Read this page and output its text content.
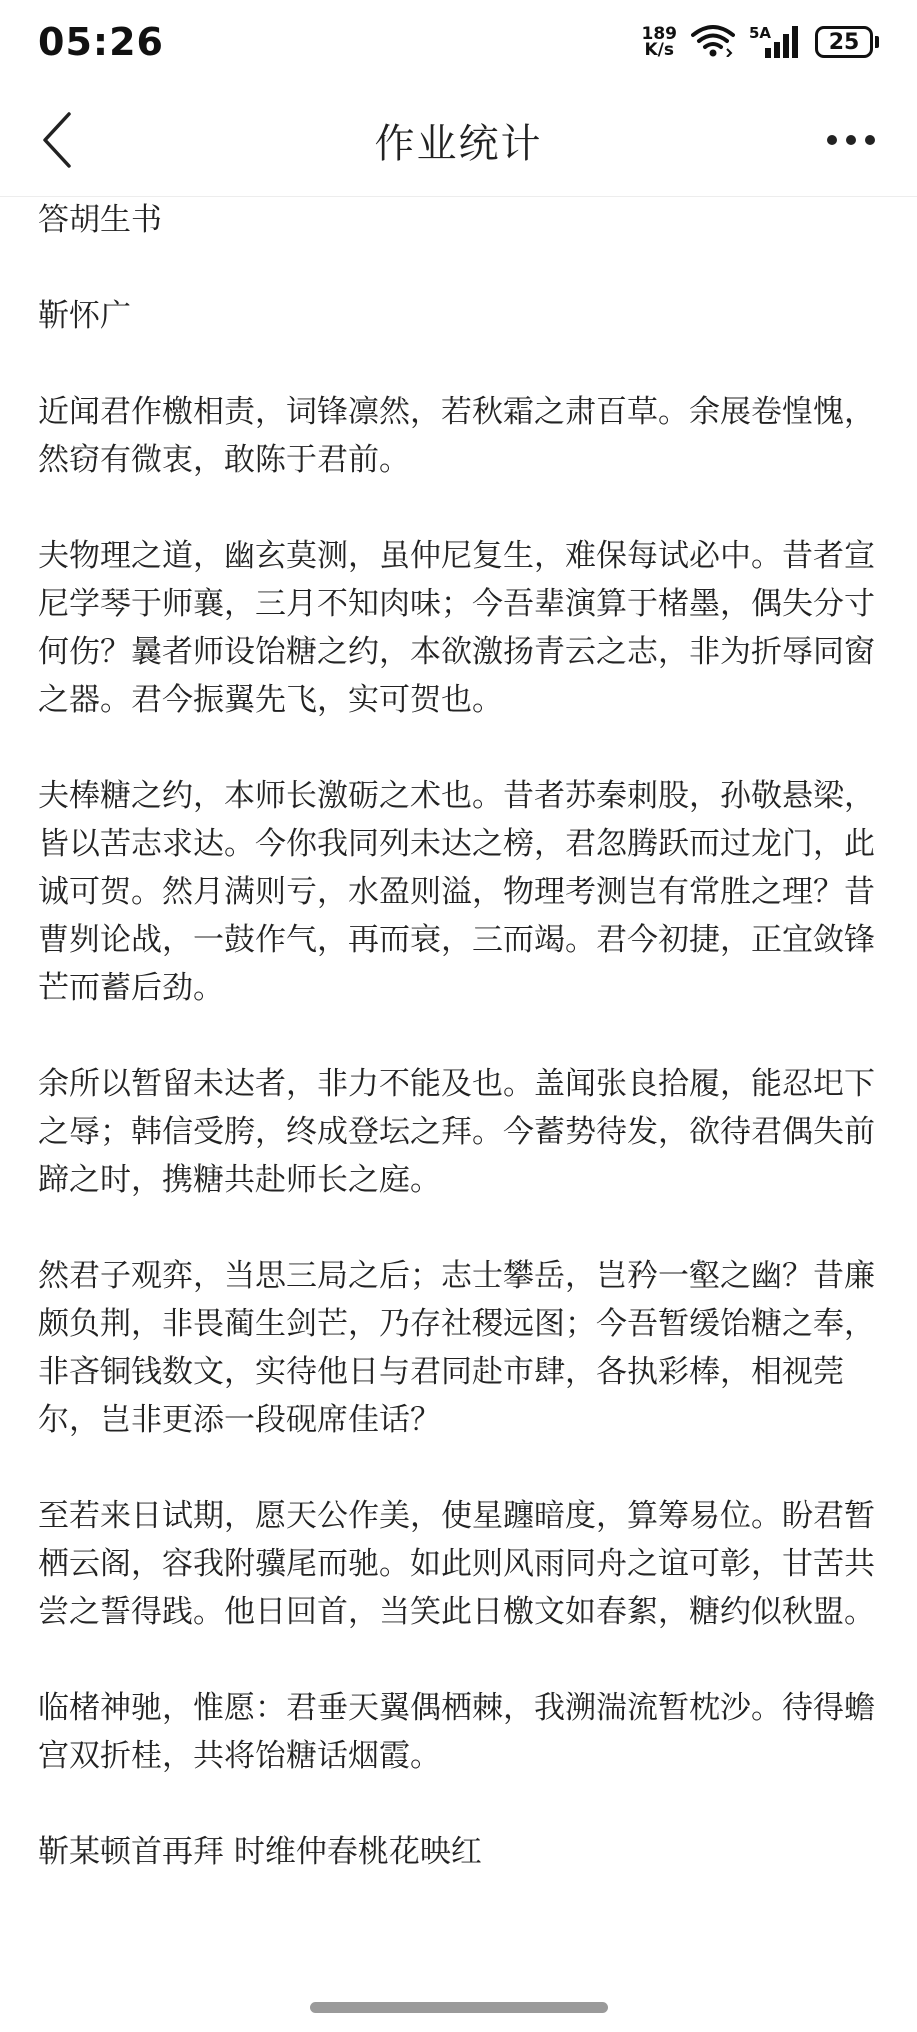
05:26	189
K/s
5A	25
作业统计

答胡生书

靳怀广

近闻君作檄相责，词锋凛然，若秋霜之肃百草。余展卷惶愧，然窃有微衷，敢陈于君前。

夫物理之道，幽玄莫测，虽仲尼复生，难保每试必中。昔者宣尼学琴于师襄，三月不知肉味；今吾辈演算于楮墨，偶失分寸何伤？曩者师设饴糖之约，本欲激扬青云之志，非为折辱同窗之器。君今振翼先飞，实可贺也。

夫棒糖之约，本师长激砺之术也。昔者苏秦刺股，孙敬悬梁，皆以苦志求达。今你我同列未达之榜，君忽腾跃而过龙门，此诚可贺。然月满则亏，水盈则溢，物理考测岂有常胜之理？昔曹刿论战，一鼓作气，再而衰，三而竭。君今初捷，正宜敛锋芒而蓄后劲。

余所以暂留未达者，非力不能及也。盖闻张良拾履，能忍圯下之辱；韩信受胯，终成登坛之拜。今蓄势待发，欲待君偶失前蹄之时，携糖共赴师长之庭。

然君子观弈，当思三局之后；志士攀岳，岂矜一壑之幽？昔廉颇负荆，非畏蔺生剑芒，乃存社稷远图；今吾暂缓饴糖之奉，非吝铜钱数文，实待他日与君同赴市肆，各执彩棒，相视莞尔，岂非更添一段砚席佳话？

至若来日试期，愿天公作美，使星躔暗度，算筹易位。盼君暂栖云阁，容我附骥尾而驰。如此则风雨同舟之谊可彰，甘苦共尝之誓得践。他日回首，当笑此日檄文如春絮，糖约似秋盟。

临楮神驰，惟愿：君垂天翼偶栖棘，我溯湍流暂枕沙。待得蟾宫双折桂，共将饴糖话烟霞。

靳某顿首再拜 时维仲春桃花映红
